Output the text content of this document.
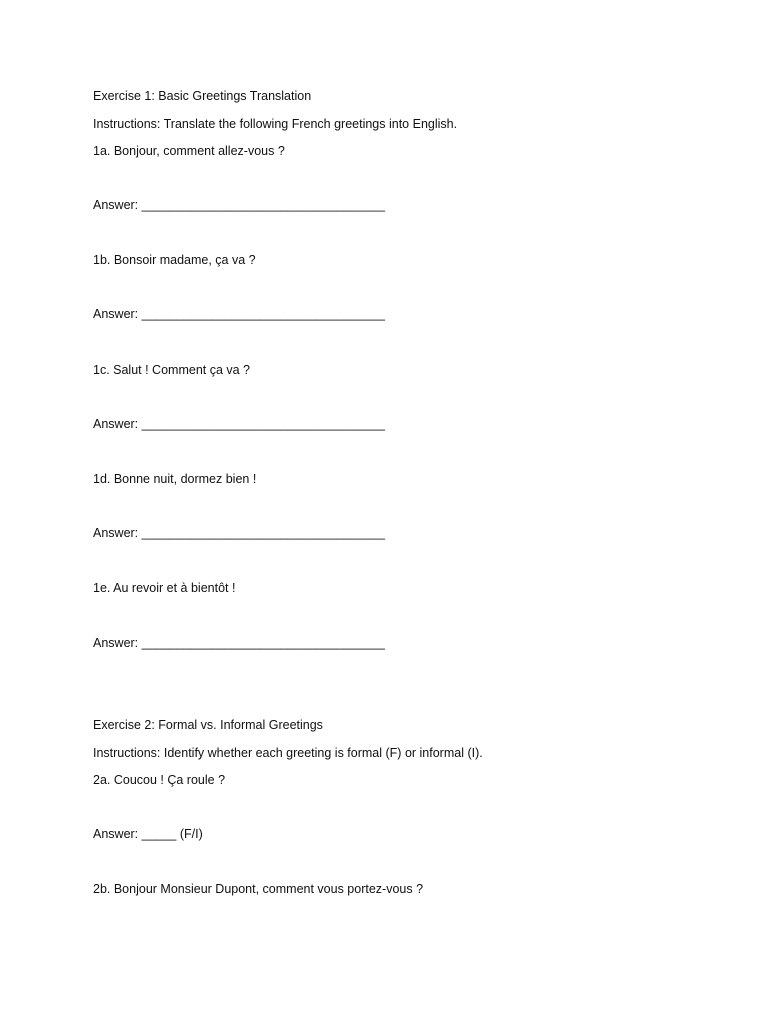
Exercise 1: Basic Greetings Translation
Instructions: Translate the following French greetings into English.
1a. Bonjour, comment allez-vous ?
Answer: ___________________________________
1b. Bonsoir madame, ça va ?
Answer: ___________________________________
1c. Salut ! Comment ça va ?
Answer: ___________________________________
1d. Bonne nuit, dormez bien !
Answer: ___________________________________
1e. Au revoir et à bientôt !
Answer: ___________________________________
Exercise 2: Formal vs. Informal Greetings
Instructions: Identify whether each greeting is formal (F) or informal (I).
2a. Coucou ! Ça roule ?
Answer: _____ (F/I)
2b. Bonjour Monsieur Dupont, comment vous portez-vous ?
